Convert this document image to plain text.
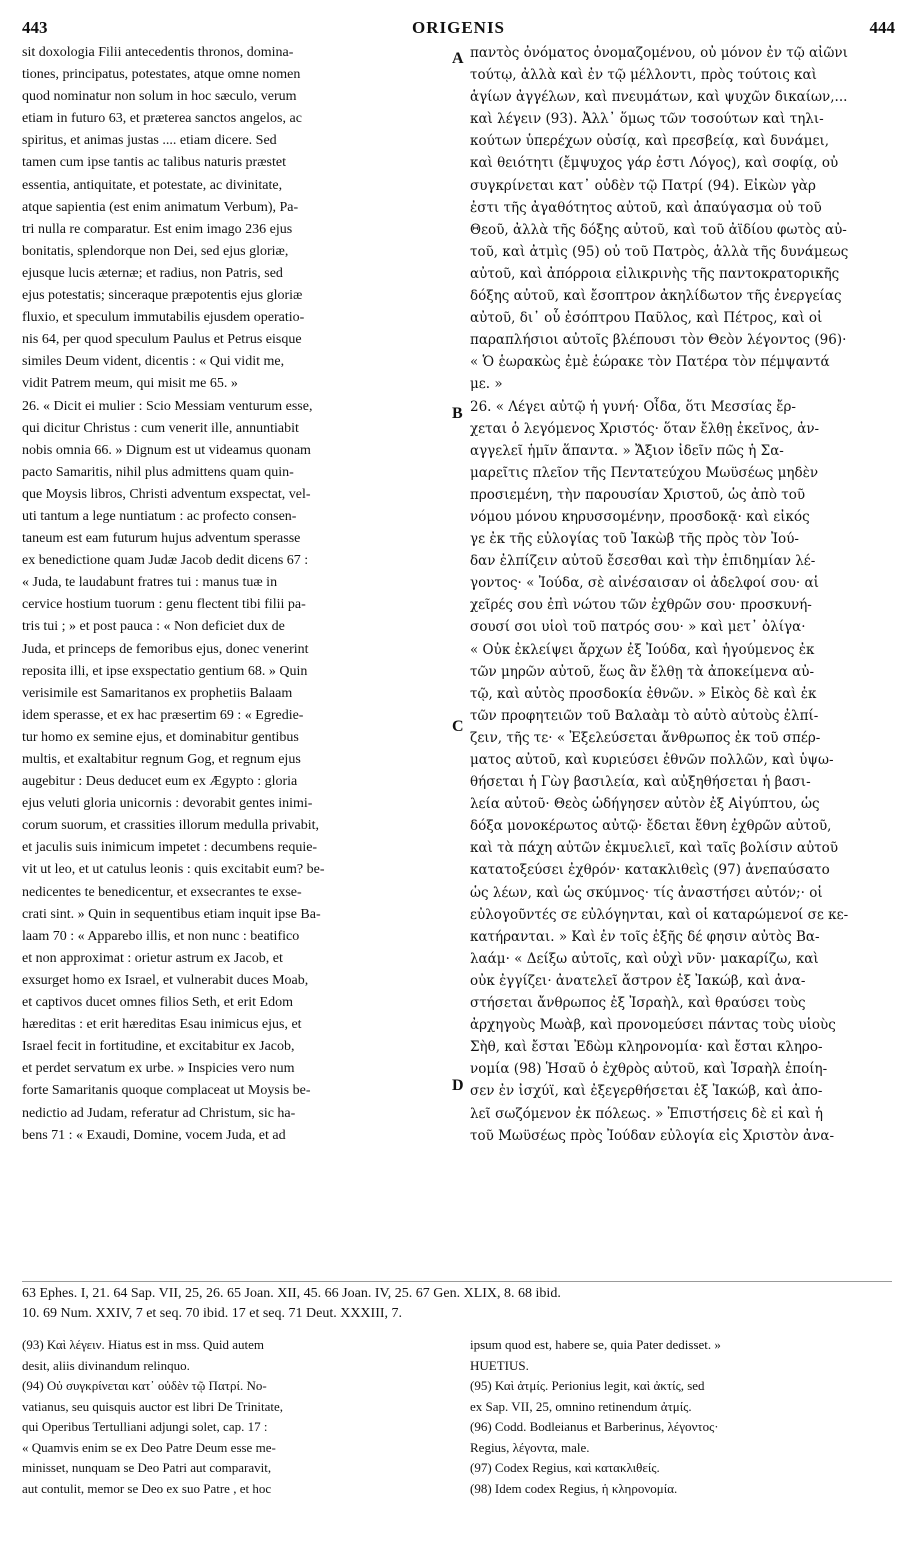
443	ORIGENIS	444
sit doxologia Filii antecedentis thronos, domina-
tiones, principatus, potestates, atque omne nomen
quod nominatur non solum in hoc sæculo, verum
etiam in futuro 63, et præterea sanctos angelos, ac
spiritus, et animas justas .... etiam dicere. Sed
tamen cum ipse tantis ac talibus naturis præstet
essentia, antiquitate, et potestate, ac divinitate,
atque sapientia (est enim animatum Verbum), Pa-
tri nulla re comparatur. Est enim imago 236 ejus
bonitatis, splendorque non Dei, sed ejus gloriæ,
ejusque lucis æternæ; et radius, non Patris, sed
ejus potestatis; sinceraque præpotentis ejus gloriæ
fluxio, et speculum immutabilis ejusdem operatio-
nis 64, per quod speculum Paulus et Petrus eisque
similes Deum vident, dicentis : « Qui vidit me,
vidit Patrem meum, qui misit me 65. »
26. « Dicit ei mulier : Scio Messiam venturum esse,
qui dicitur Christus : cum venerit ille, annuntiabit
nobis omnia 66. » Dignum est ut videamus quonam
pacto Samaritis, nihil plus admittens quam quin-
que Moysis libros, Christi adventum exspectat, vel-
uti tantum a lege nuntiatum : ac profecto consen-
taneum est eam futurum hujus adventum sperasse
ex benedictione quam Judæ Jacob dedit dicens 67 :
« Juda, te laudabunt fratres tui : manus tuæ in
cervice hostium tuorum : genu flectent tibi filii pa-
tris tui ; » et post pauca : « Non deficiet dux de
Juda, et princeps de femoribus ejus, donec venerint
reposita illi, et ipse exspectatio gentium 68. » Quin
verisimile est Samaritanos ex prophetiis Balaam
idem sperasse, et ex hac præsertim 69 : « Egredie-
tur homo ex semine ejus, et dominabitur gentibus
multis, et exaltabitur regnum Gog, et regnum ejus
augebitur : Deus deducet eum ex Ægypto : gloria
ejus veluti gloria unicornis : devorabit gentes inimi-
corum suorum, et crassities illorum medulla privabit,
et jaculis suis inimicum impetet : decumbens requie-
vit ut leo, et ut catulus leonis : quis excitabit eum? be-
nedicentes te benedicentur, et exsecrantes te exse-
crati sint. » Quin in sequentibus etiam inquit ipse Ba-
laam 70 : « Apparebo illis, et non nunc : beatifico
et non approximat : orietur astrum ex Jacob, et
exsurget homo ex Israel, et vulnerabit duces Moab,
et captivos ducet omnes filios Seth, et erit Edom
hæreditas : et erit hæreditas Esau inimicus ejus, et
Israel fecit in fortitudine, et excitabitur ex Jacob,
et perdet servatum ex urbe. » Inspicies vero num
forte Samaritanis quoque complaceat ut Moysis be-
nedictio ad Judam, referatur ad Christum, sic ha-
bens 71 : « Exaudi, Domine, vocem Juda, et ad
παντὸς ὀνόματος ὀνομαζομένου, οὐ μόνον ἐν τῷ αἰῶνι
τούτῳ, ἀλλὰ καὶ ἐν τῷ μέλλοντι, πρὸς τούτοις καὶ
ἁγίων ἀγγέλων, καὶ πνευμάτων, καὶ ψυχῶν δικαίων,...
καὶ λέγειν (93). Ἀλλ᾽ ὅμως τῶν τοσούτων καὶ τηλι-
κούτων ὑπερέχων οὐσίᾳ, καὶ πρεσβείᾳ, καὶ δυνάμει,
καὶ θειότητι (ἔμψυχος γάρ ἐστι Λόγος), καὶ σοφίᾳ, οὐ
συγκρίνεται κατ᾽ οὐδὲν τῷ Πατρί (94). Εἰκὼν γὰρ
ἐστι τῆς ἀγαθότητος αὐτοῦ, καὶ ἀπαύγασμα οὐ τοῦ
Θεοῦ, ἀλλὰ τῆς δόξης αὐτοῦ, καὶ τοῦ ἀϊδίου φωτὸς αὐ-
τοῦ, καὶ ἀτμὶς (95) οὐ τοῦ Πατρὸς, ἀλλὰ τῆς δυνάμεως
αὐτοῦ, καὶ ἀπόρροια εἰλικρινὴς τῆς παντοκρατορικῆς
δόξης αὐτοῦ, καὶ ἔσοπτρον ἀκηλίδωτον τῆς ἐνεργείας
αὐτοῦ, δι᾽ οὗ ἐσόπτρου Παῦλος, καὶ Πέτρος, καὶ οἱ
παραπλήσιοι αὐτοῖς βλέπουσι τὸν Θεὸν λέγοντος (96)·
« Ὁ ἑωρακὼς ἐμὲ ἑώρακε τὸν Πατέρα τὸν πέμψαντά
με. »
26. « Λέγει αὐτῷ ἡ γυνή· Οἶδα, ὅτι Μεσσίας ἔρ-
χεται ὁ λεγόμενος Χριστός· ὅταν ἔλθῃ ἐκεῖνος, ἀν-
αγγελεῖ ἡμῖν ἅπαντα. » Ἄξιον ἰδεῖν πῶς ἡ Σα-
μαρεῖτις πλεῖον τῆς Πεντατεύχου Μωϋσέως μηδὲν
προσιεμένη, τὴν παρουσίαν Χριστοῦ, ὡς ἀπὸ τοῦ
νόμου μόνου κηρυσσομένην, προσδοκᾷ· καὶ εἰκός
γε ἐκ τῆς εὐλογίας τοῦ Ἰακὼβ τῆς πρὸς τὸν Ἰού-
δαν ἐλπίζειν αὐτοῦ ἔσεσθαι καὶ τὴν ἐπιδημίαν λέ-
γοντος· « Ἰούδα, σὲ αἰνέσαισαν οἱ ἀδελφοί σου· αἱ
χεῖρές σου ἐπὶ νώτου τῶν ἐχθρῶν σου· προσκυνή-
σουσί σοι υἱοὶ τοῦ πατρός σου· » καὶ μετ᾽ ὀλίγα·
« Οὐκ ἐκλείψει ἄρχων ἐξ Ἰούδα, καὶ ἡγούμενος ἐκ
τῶν μηρῶν αὐτοῦ, ἕως ἂν ἔλθῃ τὰ ἀποκείμενα αὐ-
τῷ, καὶ αὐτὸς προσδοκία ἐθνῶν. » Εἰκὸς δὲ καὶ ἐκ
τῶν προφητειῶν τοῦ Βαλαὰμ τὸ αὐτὸ αὐτοὺς ἐλπί-
ζειν, τῆς τε· « Ἐξελεύσεται ἄνθρωπος ἐκ τοῦ σπέρ-
ματος αὐτοῦ, καὶ κυριεύσει ἐθνῶν πολλῶν, καὶ ὑψω-
θήσεται ἡ Γὼγ βασιλεία, καὶ αὐξηθήσεται ἡ βασι-
λεία αὐτοῦ· Θεὸς ὡδήγησεν αὐτὸν ἐξ Αἰγύπτου, ὡς
δόξα μονοκέρωτος αὐτῷ· ἔδεται ἔθνη ἐχθρῶν αὐτοῦ,
καὶ τὰ πάχη αὐτῶν ἐκμυελιεῖ, καὶ ταῖς βολίσιν αὐτοῦ
κατατοξεύσει ἐχθρόν· κατακλιθεὶς (97) ἀνεπαύσατο
ὡς λέων, καὶ ὡς σκύμνος· τίς ἀναστήσει αὐτόν;· οἱ
εὐλογοῦντές σε εὐλόγηνται, καὶ οἱ καταρώμενοί σε κε-
κατήρανται. » Καὶ ἐν τοῖς ἑξῆς δέ φησιν αὐτὸς Βα-
λαάμ· « Δείξω αὐτοῖς, καὶ οὐχὶ νῦν· μακαρίζω, καὶ
οὐκ ἐγγίζει· ἀνατελεῖ ἄστρον ἐξ Ἰακώβ, καὶ ἀνα-
στήσεται ἄνθρωπος ἐξ Ἰσραὴλ, καὶ θραύσει τοὺς
ἀρχηγοὺς Μωὰβ, καὶ προνομεύσει πάντας τοὺς υἱοὺς
Σὴθ, καὶ ἔσται Ἐδὼμ κληρονομία· καὶ ἔσται κληρο-
νομία (98) Ἡσαῦ ὁ ἐχθρὸς αὐτοῦ, καὶ Ἰσραὴλ ἐποίη-
σεν ἐν ἰσχύϊ, καὶ ἐξεγερθήσεται ἐξ Ἰακώβ, καὶ ἀπο-
λεῖ σωζόμενον ἐκ πόλεως. » Ἐπιστήσεις δὲ εἰ καὶ ἡ
τοῦ Μωϋσέως πρὸς Ἰούδαν εὐλογία εἰς Χριστὸν ἀνα-
A
B
C
D
63 Ephes. I, 21. 64 Sap. VII, 25, 26. 65 Joan. XII, 45. 66 Joan. IV, 25. 67 Gen. XLIX, 8. 68 ibid.
10. 69 Num. XXIV, 7 et seq. 70 ibid. 17 et seq. 71 Deut. XXXIII, 7.
(93) Καὶ λέγειν. Hiatus est in mss. Quid autem
desit, aliis divinandum relinquo.
(94) Οὐ συγκρίνεται κατ᾽ οὐδὲν τῷ Πατρί. No-
vatianus, seu quisquis auctor est libri De Trinitate,
qui Operibus Tertulliani adjungi solet, cap. 17 :
« Quamvis enim se ex Deo Patre Deum esse me-
minisset, nunquam se Deo Patri aut comparavit,
aut contulit, memor se Deo ex suo Patre , et hoc
ipsum quod est, habere se, quia Pater dedisset. »
HUETIUS.
(95) Καὶ ἀτμίς. Perionius legit, καὶ ἀκτίς, sed
ex Sap. VII, 25, omnino retinendum ἀτμίς.
(96) Codd. Bodleianus et Barberinus, λέγοντος·
Regius, λέγοντα, male.
(97) Codex Regius, καὶ κατακλιθείς.
(98) Idem codex Regius, ἡ κληρονομία.
